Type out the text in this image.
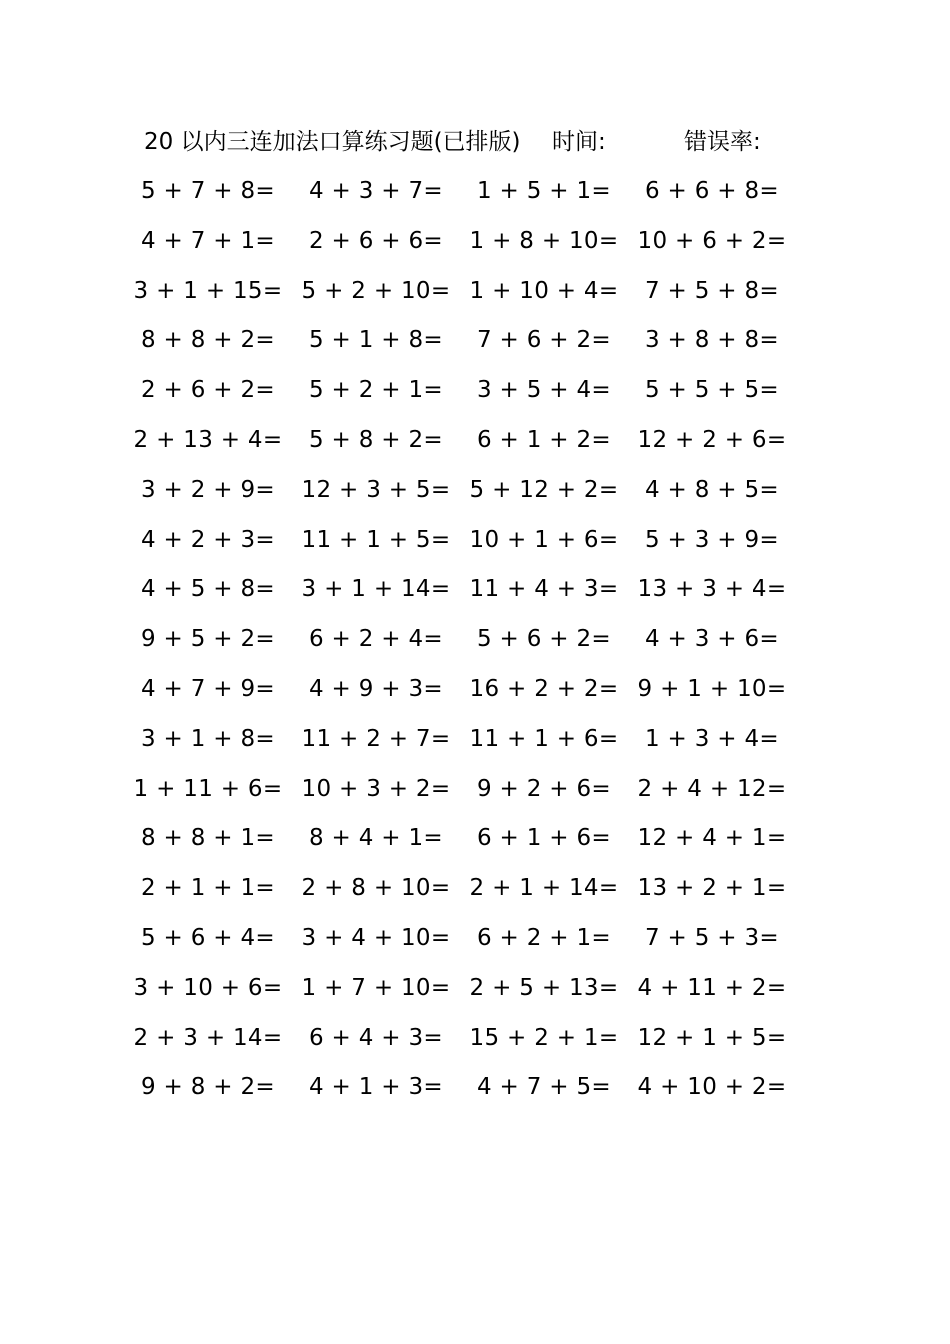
20 以内三连加法口算练习题(已排版) 时间:	错误率:
5 + 7 + 8=	4 + 3 + 7=	1 + 5 + 1=	6 + 6 + 8=
4 + 7 + 1=	2 + 6 + 6=	1 + 8 + 10= 10 + 6 + 2=
3 + 1 + 15= 5 + 2 + 10= 1 + 10 + 4=	7 + 5 + 8=
8 + 8 + 2=	5 + 1 + 8=	7 + 6 + 2=	3 + 8 + 8=
2 + 6 + 2=	5 + 2 + 1=	3 + 5 + 4=	5 + 5 + 5=
2 + 13 + 4=	5 + 8 + 2=	6 + 1 + 2=	12 + 2 + 6=
3 + 2 + 9=	12 + 3 + 5= 5 + 12 + 2=	4 + 8 + 5=
4 + 2 + 3=	11 + 1 + 5= 10 + 1 + 6=	5 + 3 + 9=
4 + 5 + 8=	3 + 1 + 14= 11 + 4 + 3= 13 + 3 + 4=
9 + 5 + 2=	6 + 2 + 4=	5 + 6 + 2=	4 + 3 + 6=
4 + 7 + 9=	4 + 9 + 3=	16 + 2 + 2= 9 + 1 + 10=
3 + 1 + 8=	11 + 2 + 7= 11 + 1 + 6=	1 + 3 + 4=
1 + 11 + 6= 10 + 3 + 2=	9 + 2 + 6=	2 + 4 + 12=
8 + 8 + 1=	8 + 4 + 1=	6 + 1 + 6=	12 + 4 + 1=
2 + 1 + 1=	2 + 8 + 10= 2 + 1 + 14= 13 + 2 + 1=
5 + 6 + 4=	3 + 4 + 10=	6 + 2 + 1=	7 + 5 + 3=
3 + 10 + 6= 1 + 7 + 10= 2 + 5 + 13= 4 + 11 + 2=
2 + 3 + 14=	6 + 4 + 3=	15 + 2 + 1= 12 + 1 + 5=
9 + 8 + 2=	4 + 1 + 3=	4 + 7 + 5=	4 + 10 + 2=
